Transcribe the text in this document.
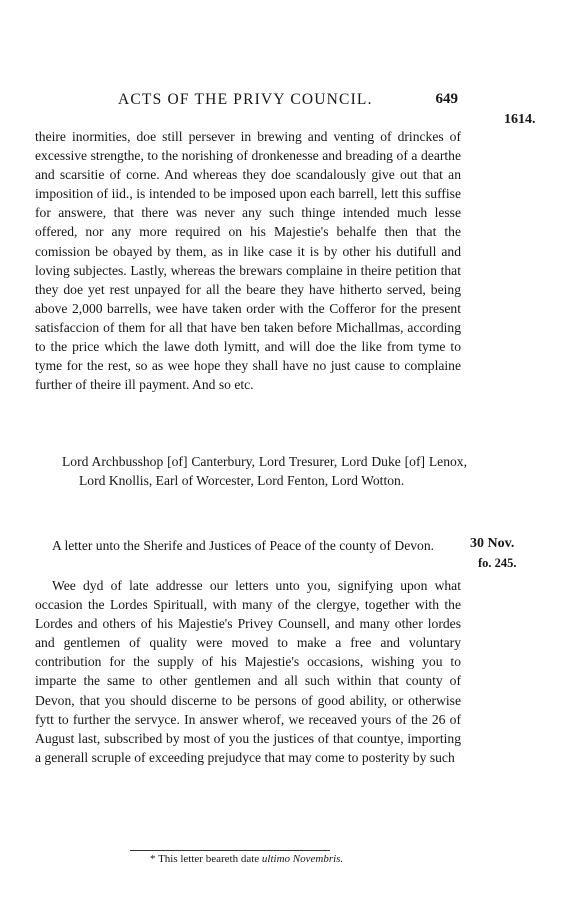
ACTS OF THE PRIVY COUNCIL.	649
1614.

theire inormities, doe still persever in brewing and venting of drinckes of excessive strengthe, to the norishing of dronkenesse and breading of a dearthe and scarsitie of corne. And whereas they doe scandalously give out that an imposition of iid., is intended to be imposed upon each barrell, lett this suffise for answere, that there was never any such thinge intended much lesse offered, nor any more required on his Majestie's behalfe then that the comission be obayed by them, as in like case it is by other his dutifull and loving subjectes. Lastly, whereas the brewars complaine in theire petition that they doe yet rest unpayed for all the beare they have hitherto served, being above 2,000 barrells, wee have taken order with the Cofferor for the present satisfaccion of them for all that have ben taken before Michallmas, according to the price which the lawe doth lymitt, and will doe the like from tyme to tyme for the rest, so as wee hope they shall have no just cause to complaine further of theire ill payment. And so etc.

Lord Archbusshop [of] Canterbury, Lord Tresurer, Lord Duke [of] Lenox, Lord Knollis, Earl of Worcester, Lord Fenton, Lord Wotton.

A letter unto the Sherife and Justices of Peace of the county of Devon.	30 Nov.
fo. 245.

Wee dyd of late addresse our letters unto you, signifying upon what occasion the Lordes Spirituall, with many of the clergye, together with the Lordes and others of his Majestie's Privey Counsell, and many other lordes and gentlemen of quality were moved to make a free and voluntary contribution for the supply of his Majestie's occasions, wishing you to imparte the same to other gentlemen and all such within that county of Devon, that you should discerne to be persons of good ability, or otherwise fytt to further the servyce. In answer wherof, we receaved yours of the 26 of August last, subscribed by most of you the justices of that countye, importing a generall scruple of exceeding prejudyce that may come to posterity by such

* This letter beareth date ultimo Novembris.
